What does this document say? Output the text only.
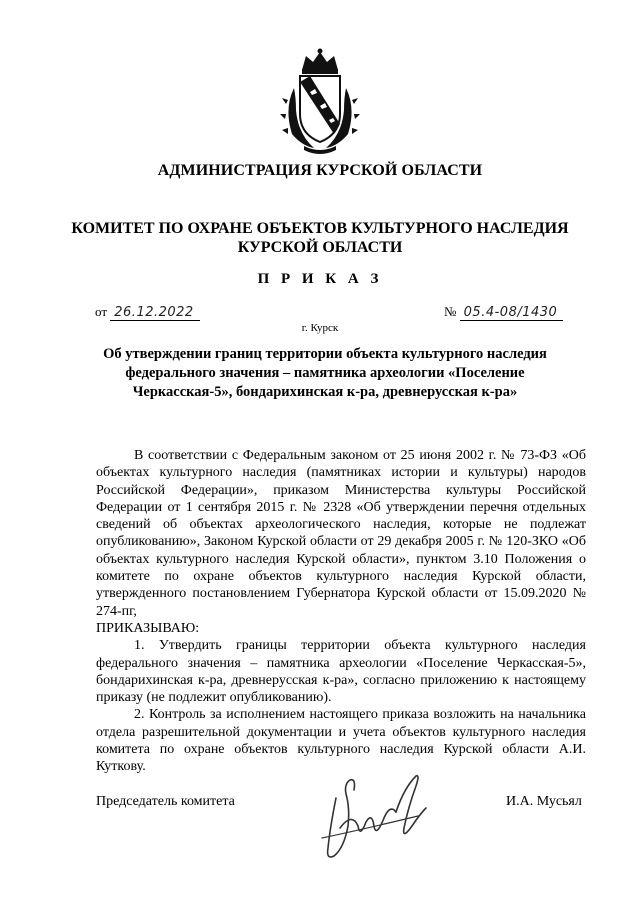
АДМИНИСТРАЦИЯ КУРСКОЙ ОБЛАСТИ
КОМИТЕТ ПО ОХРАНЕ ОБЪЕКТОВ КУЛЬТУРНОГО НАСЛЕДИЯ
КУРСКОЙ ОБЛАСТИ
П Р И К А З
от 26.12.2022	№ 05.4-08/1430
г. Курск
Об утверждении границ территории объекта культурного наследия
федерального значения – памятника археологии «Поселение
Черкасская-5», бондарихинская к-ра, древнерусская к-ра»

В соответствии с Федеральным законом от 25 июня 2002 г. № 73-ФЗ «Об объектах культурного наследия (памятниках истории и культуры) народов Российской Федерации», приказом Министерства культуры Российской Федерации от 1 сентября 2015 г. № 2328 «Об утверждении перечня отдельных сведений об объектах археологического наследия, которые не подлежат опубликованию», Законом Курской области от 29 декабря 2005 г. № 120-ЗКО «Об объектах культурного наследия Курской области», пунктом 3.10 Положения о комитете по охране объектов культурного наследия Курской области, утвержденного постановлением Губернатора Курской области от 15.09.2020 № 274-пг,

ПРИКАЗЫВАЮ:

1. Утвердить границы территории объекта культурного наследия федерального значения – памятника археологии «Поселение Черкасская-5», бондарихинская к-ра, древнерусская к-ра», согласно приложению к настоящему приказу (не подлежит опубликованию).

2. Контроль за исполнением настоящего приказа возложить на начальника отдела разрешительной документации и учета объектов культурного наследия комитета по охране объектов культурного наследия Курской области А.И. Куткову.

Председатель комитета	И.А. Мусьял
